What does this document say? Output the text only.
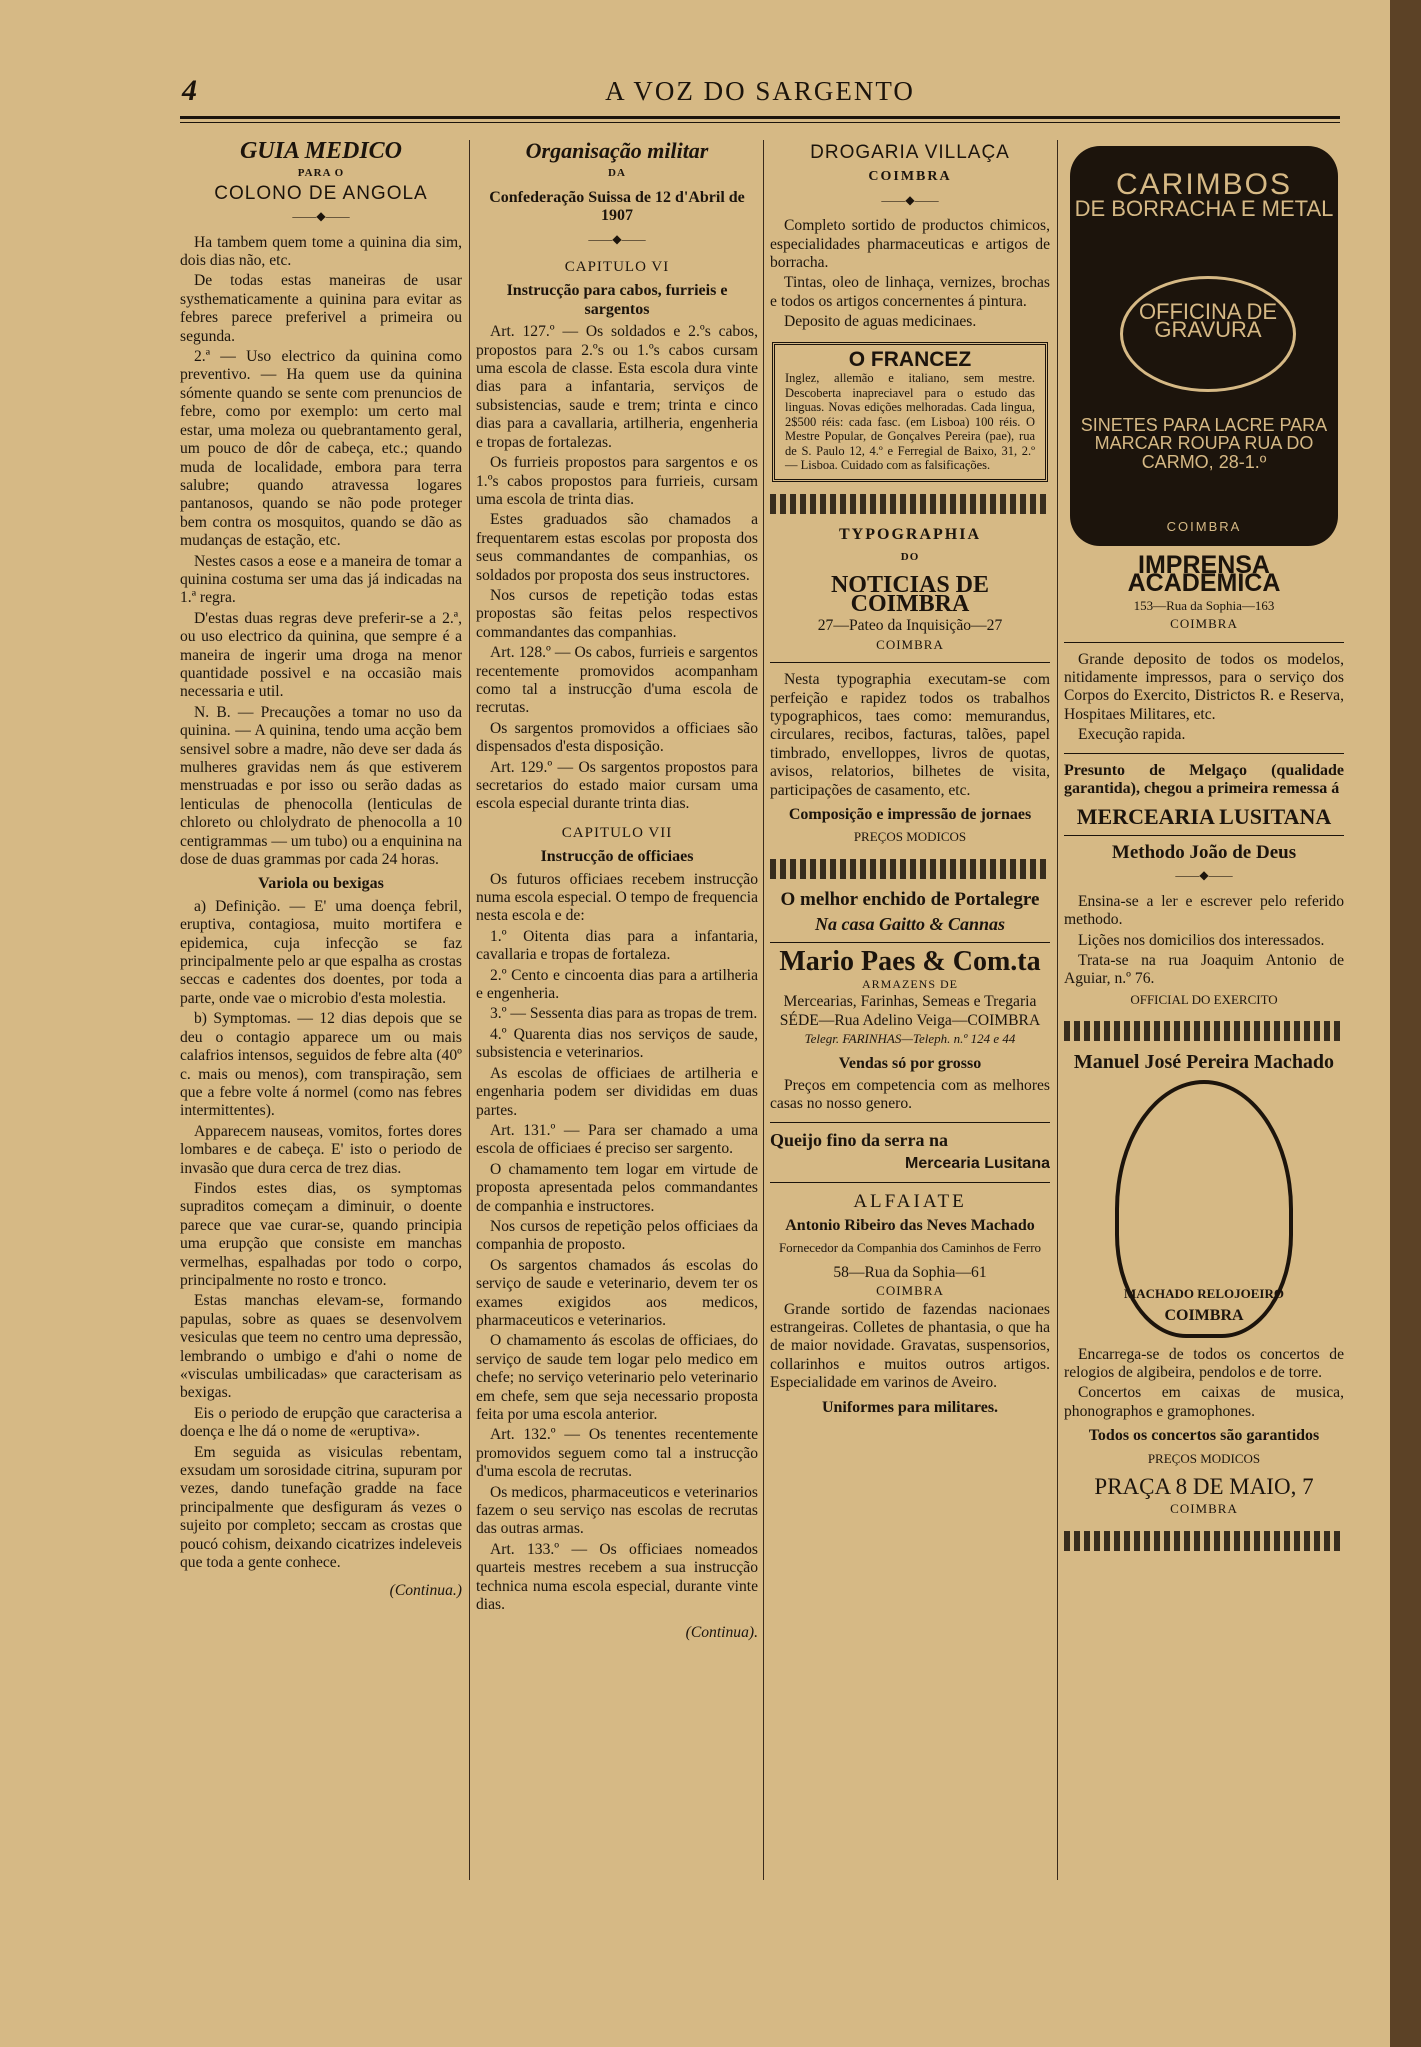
4	A VOZ DO SARGENTO
GUIA MEDICO
PARA O
COLONO DE ANGOLA
——◆——

Ha tambem quem tome a quinina dia sim, dois dias não, etc.

De todas estas maneiras de usar systhematicamente a quinina para evitar as febres parece preferivel a primeira ou segunda.

2.ª — Uso electrico da quinina como preventivo. — Ha quem use da quinina sómente quando se sente com prenuncios de febre, como por exemplo: um certo mal estar, uma moleza ou quebrantamento geral, um pouco de dôr de cabeça, etc.; quando muda de localidade, embora para terra salubre; quando atravessa logares pantanosos, quando se não pode proteger bem contra os mosquitos, quando se dão as mudanças de estação, etc.

Nestes casos a eose e a maneira de tomar a quinina costuma ser uma das já indicadas na 1.ª regra.

D'estas duas regras deve preferir-se a 2.ª, ou uso electrico da quinina, que sempre é a maneira de ingerir uma droga na menor quantidade possivel e na occasião mais necessaria e util.

N. B. — Precauções a tomar no uso da quinina. — A quinina, tendo uma acção bem sensivel sobre a madre, não deve ser dada ás mulheres gravidas nem ás que estiverem menstruadas e por isso ou serão dadas as lenticulas de phenocolla (lenticulas de chloreto ou chlolydrato de phenocolla a 10 centigrammas — um tubo) ou a enquinina na dose de duas grammas por cada 24 horas.

Variola ou bexigas

a) Definição. — E' uma doença febril, eruptiva, contagiosa, muito mortifera e epidemica, cuja infecção se faz principalmente pelo ar que espalha as crostas seccas e cadentes dos doentes, por toda a parte, onde vae o microbio d'esta molestia.

b) Symptomas. — 12 dias depois que se deu o contagio apparece um ou mais calafrios intensos, seguidos de febre alta (40º c. mais ou menos), com transpiração, sem que a febre volte á normel (como nas febres intermittentes).

Apparecem nauseas, vomitos, fortes dores lombares e de cabeça. E' isto o periodo de invasão que dura cerca de trez dias.

Findos estes dias, os symptomas supraditos começam a diminuir, o doente parece que vae curar-se, quando principia uma erupção que consiste em manchas vermelhas, espalhadas por todo o corpo, principalmente no rosto e tronco.

Estas manchas elevam-se, formando papulas, sobre as quaes se desenvolvem vesiculas que teem no centro uma depressão, lembrando o umbigo e d'ahi o nome de «visculas umbilicadas» que caracterisam as bexigas.

Eis o periodo de erupção que caracterisa a doença e lhe dá o nome de «eruptiva».

Em seguida as visiculas rebentam, exsudam um sorosidade citrina, supuram por vezes, dando tunefação gradde na face principalmente que desfiguram ás vezes o sujeito por completo; seccam as crostas que poucó cohism, deixando cicatrizes indeleveis que toda a gente conhece.

(Continua.)
Organisação militar
DA
Confederação Suissa de 12 d'Abril de 1907
——◆——
CAPITULO VI
Instrucção para cabos, furrieis e sargentos

Art. 127.º — Os soldados e 2.ºs cabos, propostos para 2.ºs ou 1.ºs cabos cursam uma escola de classe. Esta escola dura vinte dias para a infantaria, serviços de subsistencias, saude e trem; trinta e cinco dias para a cavallaria, artilheria, engenheria e tropas de fortalezas.

Os furrieis propostos para sargentos e os 1.ºs cabos propostos para furrieis, cursam uma escola de trinta dias.

Estes graduados são chamados a frequentarem estas escolas por proposta dos seus commandantes de companhias, os soldados por proposta dos seus instructores.

Nos cursos de repetição todas estas propostas são feitas pelos respectivos commandantes das companhias.

Art. 128.º — Os cabos, furrieis e sargentos recentemente promovidos acompanham como tal a instrucção d'uma escola de recrutas.

Os sargentos promovidos a officiaes são dispensados d'esta disposição.

Art. 129.º — Os sargentos propostos para secretarios do estado maior cursam uma escola especial durante trinta dias.

CAPITULO VII
Instrucção de officiaes

Os futuros officiaes recebem instrucção numa escola especial. O tempo de frequencia nesta escola e de:

1.º Oitenta dias para a infantaria, cavallaria e tropas de fortaleza.

2.º Cento e cincoenta dias para a artilheria e engenheria.

3.º — Sessenta dias para as tropas de trem.

4.º Quarenta dias nos serviços de saude, subsistencia e veterinarios.

As escolas de officiaes de artilheria e engenharia podem ser divididas em duas partes.

Art. 131.º — Para ser chamado a uma escola de officiaes é preciso ser sargento.

O chamamento tem logar em virtude de proposta apresentada pelos commandantes de companhia e instructores.

Nos cursos de repetição pelos officiaes da companhia de proposto.

Os sargentos chamados ás escolas do serviço de saude e veterinario, devem ter os exames exigidos aos medicos, pharmaceuticos e veterinarios.

O chamamento ás escolas de officiaes, do serviço de saude tem logar pelo medico em chefe; no serviço veterinario pelo veterinario em chefe, sem que seja necessario proposta feita por uma escola anterior.

Art. 132.º — Os tenentes recentemente promovidos seguem como tal a instrucção d'uma escola de recrutas.

Os medicos, pharmaceuticos e veterinarios fazem o seu serviço nas escolas de recrutas das outras armas.

Art. 133.º — Os officiaes nomeados quarteis mestres recebem a sua instrucção technica numa escola especial, durante vinte dias.

(Continua).
DROGARIA VILLAÇA
COIMBRA
——◆——

Completo sortido de productos chimicos, especialidades pharmaceuticas e artigos de borracha.

Tintas, oleo de linhaça, vernizes, brochas e todos os artigos concernentes á pintura.

Deposito de aguas medicinaes.

O FRANCEZ
Inglez, allemão e italiano, sem mestre. Descoberta inapreciavel para o estudo das linguas. Novas edições melhoradas. Cada lingua, 2$500 réis: cada fasc. (em Lisboa) 100 réis. O Mestre Popular, de Gonçalves Pereira (pae), rua de S. Paulo 12, 4.º e Ferregial de Baixo, 31, 2.º — Lisboa. Cuidado com as falsificações.
TYPOGRAPHIA
DO
NOTICIAS DE COIMBRA
27—Pateo da Inquisição—27
COIMBRA

Nesta typographia executam-se com perfeição e rapidez todos os trabalhos typographicos, taes como: memurandus, circulares, recibos, facturas, talões, papel timbrado, envelloppes, livros de quotas, avisos, relatorios, bilhetes de visita, participações de casamento, etc.

Composição e impressão de jornaes
PREÇOS MODICOS
O melhor enchido de Portalegre
Na casa Gaitto & Cannas
Mario Paes & Com.ta
ARMAZENS DE
Mercearias, Farinhas, Semeas e Tregaria
SÉDE—Rua Adelino Veiga—COIMBRA
Telegr. FARINHAS—Teleph. n.º 124 e 44
Vendas só por grosso

Preços em competencia com as melhores casas no nosso genero.

Queijo fino da serra na
Mercearia Lusitana
ALFAIATE
Antonio Ribeiro das Neves Machado
Fornecedor da Companhia dos Caminhos de Ferro
58—Rua da Sophia—61
COIMBRA

Grande sortido de fazendas nacionaes estrangeiras. Colletes de phantasia, o que ha de maior novidade. Gravatas, suspensorios, collarinhos e muitos outros artigos. Especialidade em varinos de Aveiro.

Uniformes para militares.
CARIMBOS
DE BORRACHA E METAL
OFFICINA DE GRAVURA
SINETES PARA LACRE PARA MARCAR ROUPA RUA DO CARMO, 28-1.º
COIMBRA
IMPRENSA ACADEMICA
153—Rua da Sophia—163
COIMBRA

Grande deposito de todos os modelos, nitidamente impressos, para o serviço dos Corpos do Exercito, Districtos R. e Reserva, Hospitaes Militares, etc.

Execução rapida.

Presunto de Melgaço (qualidade garantida), chegou a primeira remessa á
MERCEARIA LUSITANA
Methodo João de Deus
——◆——

Ensina-se a ler e escrever pelo referido methodo.

Lições nos domicilios dos interessados.

Trata-se na rua Joaquim Antonio de Aguiar, n.º 76.

OFFICIAL DO EXERCITO
Manuel José Pereira Machado
MACHADO RELOJOEIRO
COIMBRA

Encarrega-se de todos os concertos de relogios de algibeira, pendolos e de torre.

Concertos em caixas de musica, phonographos e gramophones.

Todos os concertos são garantidos
PREÇOS MODICOS
PRAÇA 8 DE MAIO, 7
COIMBRA
